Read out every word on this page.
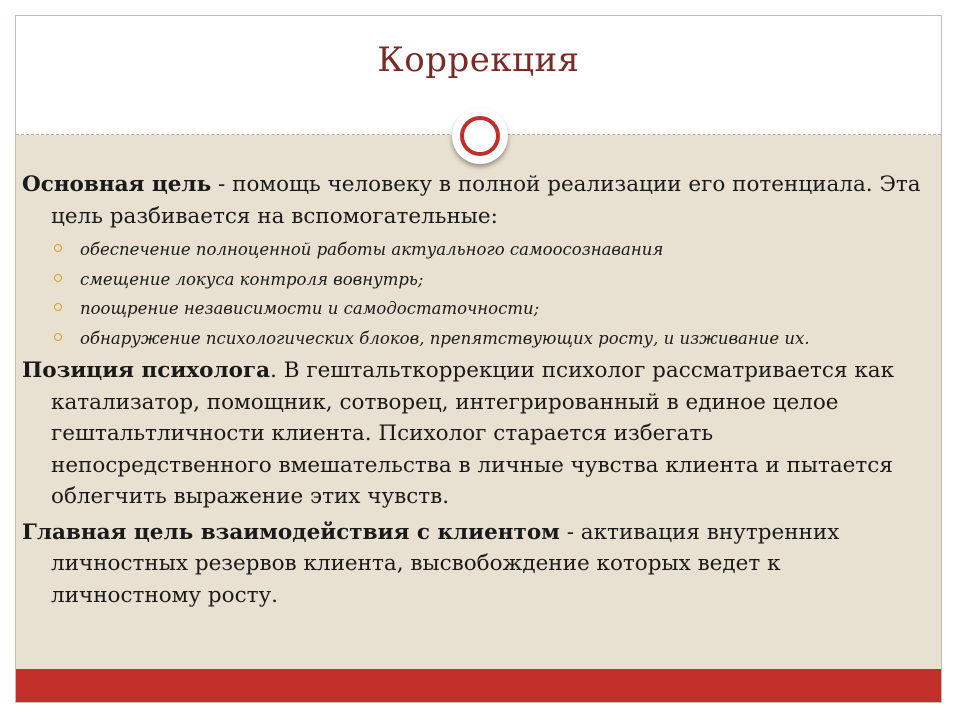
Коррекция

Основная цель - помощь человеку в полной реализации его потенциала. Эта цель разбивается на вспомогательные:

обеспечение полноценной работы актуального самоосознавания
смещение локуса контроля вовнутрь;
поощрение независимости и самодостаточности;
обнаружение психологических блоков, препятствующих росту, и изживание их.

Позиция психолога. В гештальткоррекции психолог рассматривается как катализатор, помощник, сотворец, интегрированный в единое целое гештальтличности клиента. Психолог старается избегать непосредственного вмешательства в личные чувства клиента и пытается облегчить выражение этих чувств.

Главная цель взаимодействия с клиентом - активация внутренних личностных резервов клиента, высвобождение которых ведет к личностному росту.
